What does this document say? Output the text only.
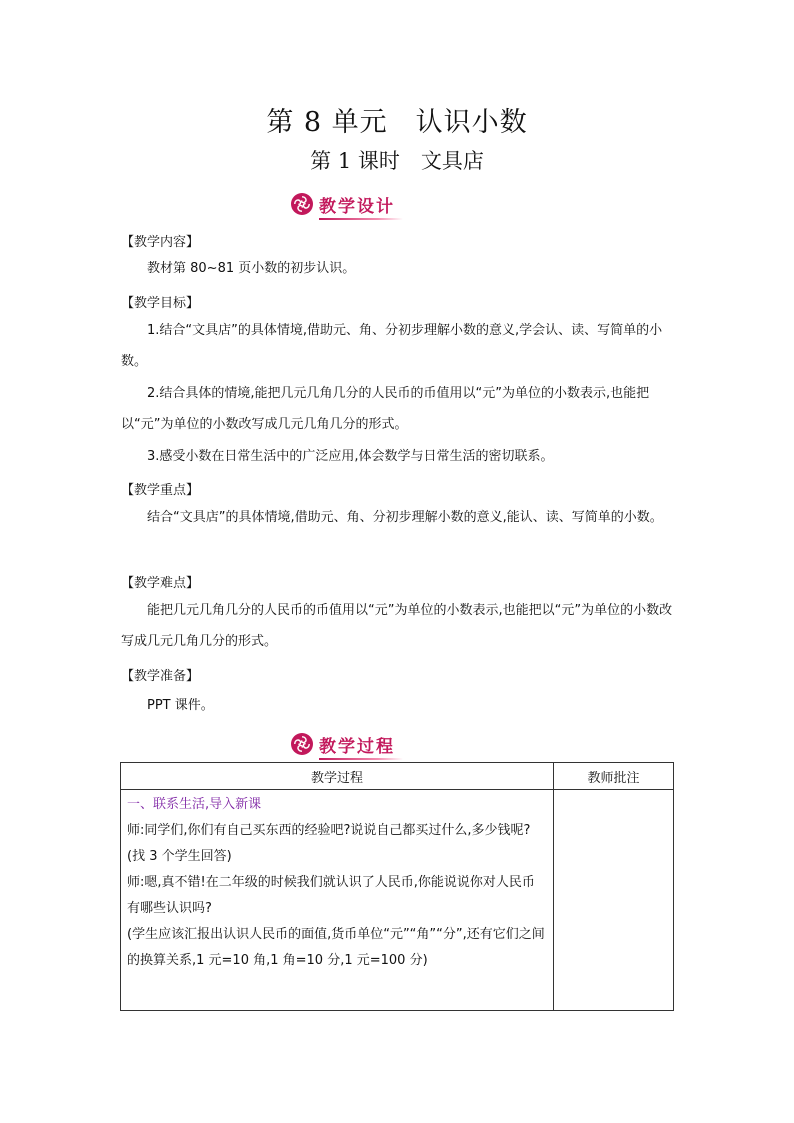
第 8 单元　认识小数
第 1 课时　文具店
教学设计
【教学内容】
教材第 80~81 页小数的初步认识。
【教学目标】
1.结合“文具店”的具体情境,借助元、角、分初步理解小数的意义,学会认、读、写简单的小数。
2.结合具体的情境,能把几元几角几分的人民币的币值用以“元”为单位的小数表示,也能把以“元”为单位的小数改写成几元几角几分的形式。
3.感受小数在日常生活中的广泛应用,体会数学与日常生活的密切联系。
【教学重点】
结合“文具店”的具体情境,借助元、角、分初步理解小数的意义,能认、读、写简单的小数。
【教学难点】
能把几元几角几分的人民币的币值用以“元”为单位的小数表示,也能把以“元”为单位的小数改写成几元几角几分的形式。
【教学准备】
PPT 课件。
教学过程
教学过程	教师批注

一、联系生活,导入新课
师:同学们,你们有自己买东西的经验吧?说说自己都买过什么,多少钱呢?
(找 3 个学生回答)
师:嗯,真不错!在二年级的时候我们就认识了人民币,你能说说你对人民币有哪些认识吗?
(学生应该汇报出认识人民币的面值,货币单位“元”“角”“分”,还有它们之间的换算关系,1 元=10 角,1 角=10 分,1 元=100 分)	
